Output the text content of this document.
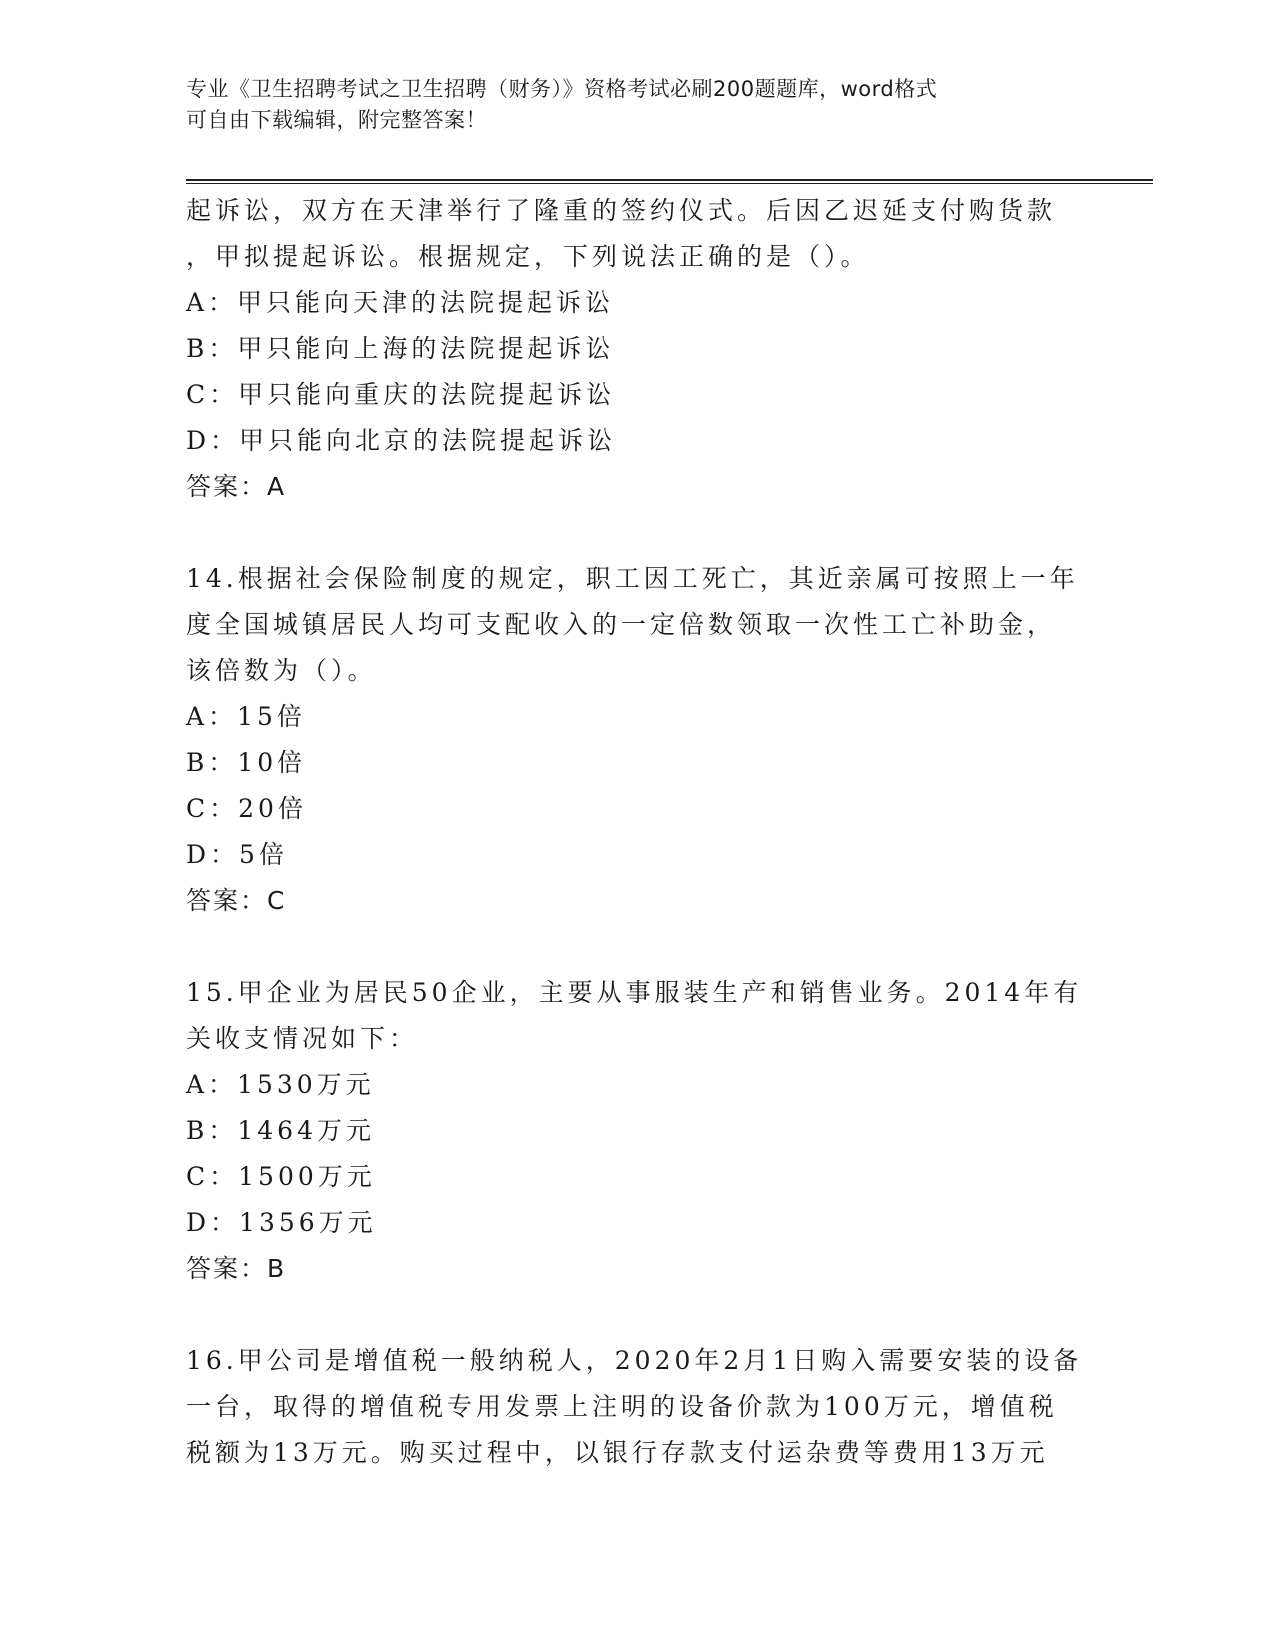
专业《卫生招聘考试之卫生招聘（财务）》资格考试必刷200题题库，word格式
可自由下载编辑，附完整答案！
起诉讼，双方在天津举行了隆重的签约仪式。后因乙迟延支付购货款
，甲拟提起诉讼。根据规定，下列说法正确的是（）。
A：甲只能向天津的法院提起诉讼
B：甲只能向上海的法院提起诉讼
C：甲只能向重庆的法院提起诉讼
D：甲只能向北京的法院提起诉讼
答案：A
14.根据社会保险制度的规定，职工因工死亡，其近亲属可按照上一年
度全国城镇居民人均可支配收入的一定倍数领取一次性工亡补助金，
该倍数为（）。
A：15倍
B：10倍
C：20倍
D：5倍
答案：C
15.甲企业为居民50企业，主要从事服装生产和销售业务。2014年有
关收支情况如下：
A：1530万元
B：1464万元
C：1500万元
D：1356万元
答案：B
16.甲公司是增值税一般纳税人，2020年2月1日购入需要安装的设备
一台，取得的增值税专用发票上注明的设备价款为100万元，增值税
税额为13万元。购买过程中，以银行存款支付运杂费等费用13万元
